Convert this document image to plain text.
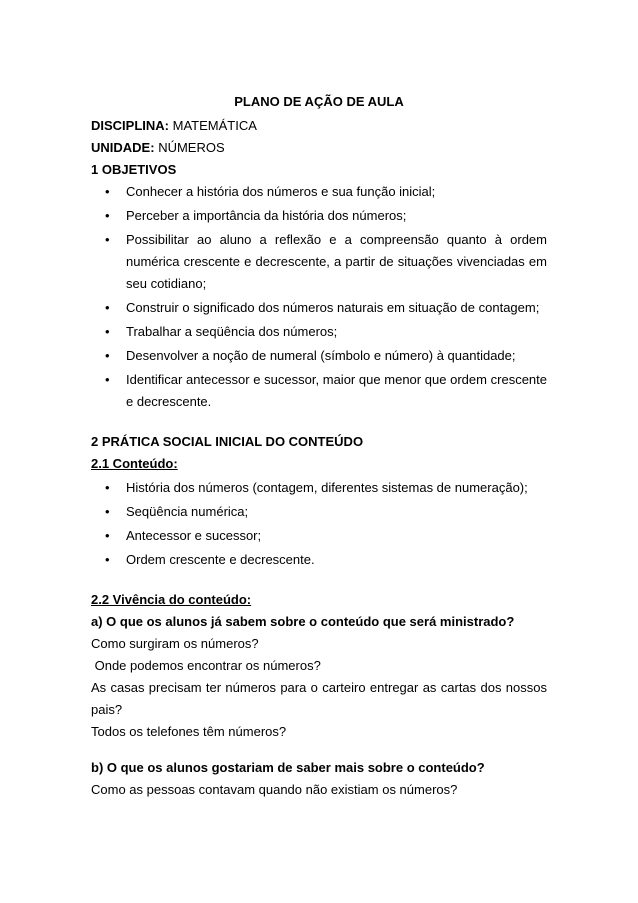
PLANO DE AÇÃO DE AULA

DISCIPLINA: MATEMÁTICA

UNIDADE: NÚMEROS

1 OBJETIVOS

• Conhecer a história dos números e sua função inicial;
• Perceber a importância da história dos números;
• Possibilitar ao aluno a reflexão e a compreensão quanto à ordem numérica crescente e decrescente, a partir de situações vivenciadas em seu cotidiano;
• Construir o significado dos números naturais em situação de contagem;
• Trabalhar a seqüência dos números;
• Desenvolver a noção de numeral (símbolo e número) à quantidade;
• Identificar antecessor e sucessor, maior que menor que ordem crescente e decrescente.

2 PRÁTICA SOCIAL INICIAL DO CONTEÚDO

2.1 Conteúdo:

• História dos números (contagem, diferentes sistemas de numeração);
• Seqüência numérica;
• Antecessor e sucessor;
• Ordem crescente e decrescente.

2.2 Vivência do conteúdo:

a) O que os alunos já sabem sobre o conteúdo que será ministrado?

Como surgiram os números?

Onde podemos encontrar os números?

As casas precisam ter números para o carteiro entregar as cartas dos nossos pais?

Todos os telefones têm números?

b) O que os alunos gostariam de saber mais sobre o conteúdo?

Como as pessoas contavam quando não existiam os números?
